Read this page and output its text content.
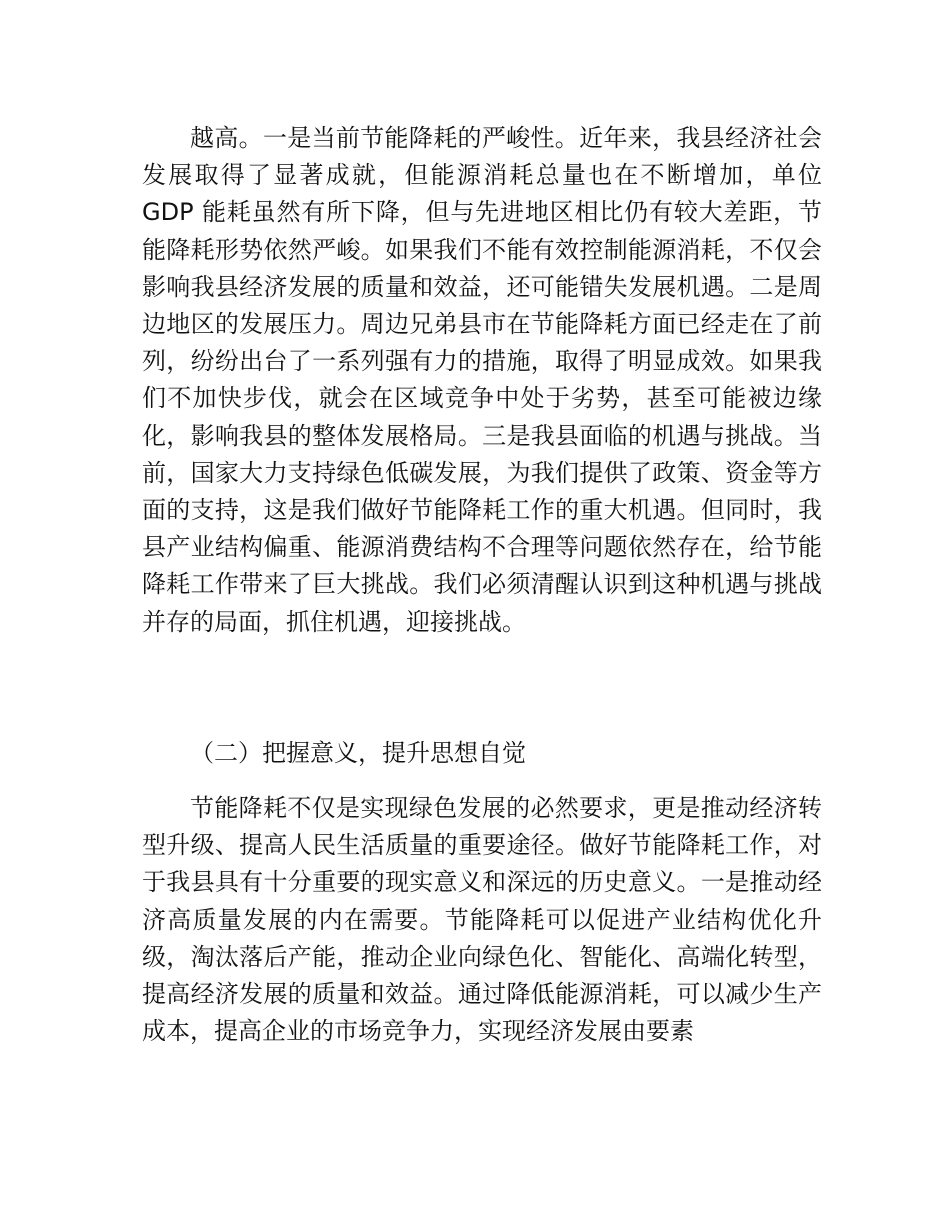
越高。一是当前节能降耗的严峻性。近年来，我县经济社会发展取得了显著成就，但能源消耗总量也在不断增加，单位 GDP 能耗虽然有所下降，但与先进地区相比仍有较大差距，节能降耗形势依然严峻。如果我们不能有效控制能源消耗，不仅会影响我县经济发展的质量和效益，还可能错失发展机遇。二是周边地区的发展压力。周边兄弟县市在节能降耗方面已经走在了前列，纷纷出台了一系列强有力的措施，取得了明显成效。如果我们不加快步伐，就会在区域竞争中处于劣势，甚至可能被边缘化，影响我县的整体发展格局。三是我县面临的机遇与挑战。当前，国家大力支持绿色低碳发展，为我们提供了政策、资金等方面的支持，这是我们做好节能降耗工作的重大机遇。但同时，我县产业结构偏重、能源消费结构不合理等问题依然存在，给节能降耗工作带来了巨大挑战。我们必须清醒认识到这种机遇与挑战并存的局面，抓住机遇，迎接挑战。

（二）把握意义，提升思想自觉

节能降耗不仅是实现绿色发展的必然要求，更是推动经济转型升级、提高人民生活质量的重要途径。做好节能降耗工作，对于我县具有十分重要的现实意义和深远的历史意义。一是推动经济高质量发展的内在需要。节能降耗可以促进产业结构优化升级，淘汰落后产能，推动企业向绿色化、智能化、高端化转型，提高经济发展的质量和效益。通过降低能源消耗，可以减少生产成本，提高企业的市场竞争力，实现经济发展由要素
